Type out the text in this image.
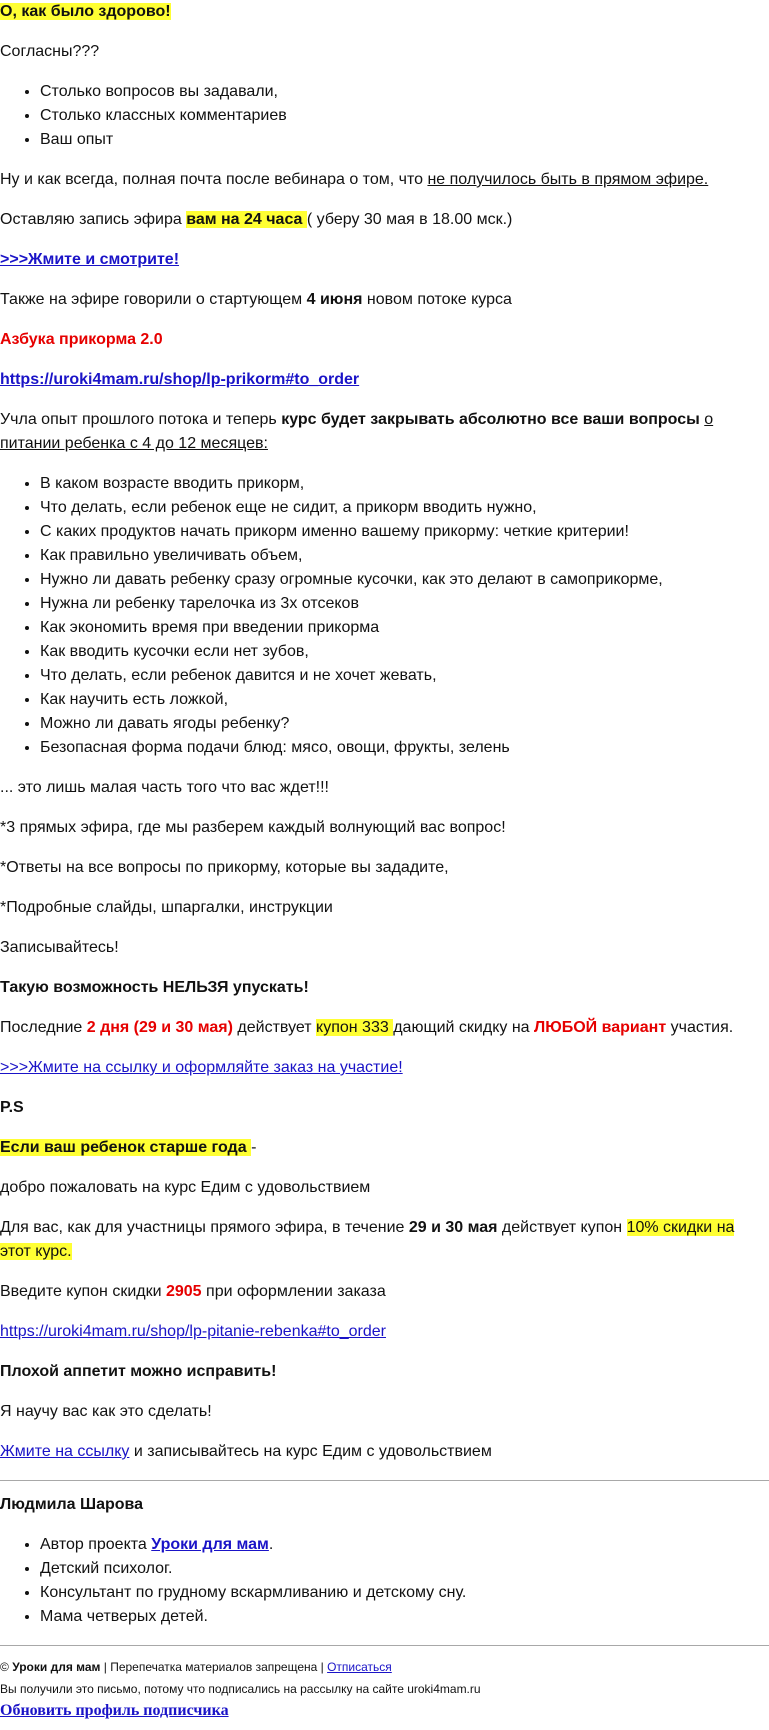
О, как было здорово!

Согласны???

• Столько вопросов вы задавали,
• Столько классных комментариев
• Ваш опыт

Ну и как всегда, полная почта после вебинара о том, что не получилось быть в прямом эфире.

Оставляю запись эфира вам на 24 часа ( уберу 30 мая в 18.00 мск.)

>>>Жмите и смотрите!

Также на эфире говорили о стартующем 4 июня новом потоке курса

Азбука прикорма 2.0

https://uroki4mam.ru/shop/lp-prikorm#to_order

Учла опыт прошлого потока и теперь курс будет закрывать абсолютно все ваши вопросы о питании ребенка с 4 до 12 месяцев:

• В каком возрасте вводить прикорм,
• Что делать, если ребенок еще не сидит, а прикорм вводить нужно,
• С каких продуктов начать прикорм именно вашему прикорму: четкие критерии!
• Как правильно увеличивать объем,
• Нужно ли давать ребенку сразу огромные кусочки, как это делают в самоприкорме,
• Нужна ли ребенку тарелочка из 3х отсеков
• Как экономить время при введении прикорма
• Как вводить кусочки если нет зубов,
• Что делать, если ребенок давится и не хочет жевать,
• Как научить есть ложкой,
• Можно ли давать ягоды ребенку?
• Безопасная форма подачи блюд: мясо, овощи, фрукты, зелень

... это лишь малая часть того что вас ждет!!!

*3 прямых эфира, где мы разберем каждый волнующий вас вопрос!

*Ответы на все вопросы по прикорму, которые вы зададите,

*Подробные слайды, шпаргалки, инструкции

Записывайтесь!

Такую возможность НЕЛЬЗЯ упускать!

Последние 2 дня (29 и 30 мая) действует купон 333 дающий скидку на ЛЮБОЙ вариант участия.

>>>Жмите на ссылку и оформляйте заказ на участие!

P.S

Если ваш ребенок старше года -

добро пожаловать на курс Едим с удовольствием

Для вас, как для участницы прямого эфира, в течение 29 и 30 мая действует купон 10% скидки на этот курс.

Введите купон скидки 2905 при оформлении заказа

https://uroki4mam.ru/shop/lp-pitanie-rebenka#to_order

Плохой аппетит можно исправить!

Я научу вас как это сделать!

Жмите на ссылку и записывайтесь на курс Едим с удовольствием

Людмила Шарова

• Автор проекта Уроки для мам.
• Детский психолог.
• Консультант по грудному вскармливанию и детскому сну.
• Мама четверых детей.

© Уроки для мам | Перепечатка материалов запрещена | Отписаться

Вы получили это письмо, потому что подписались на рассылку на сайте uroki4mam.ru

Обновить профиль подписчика
